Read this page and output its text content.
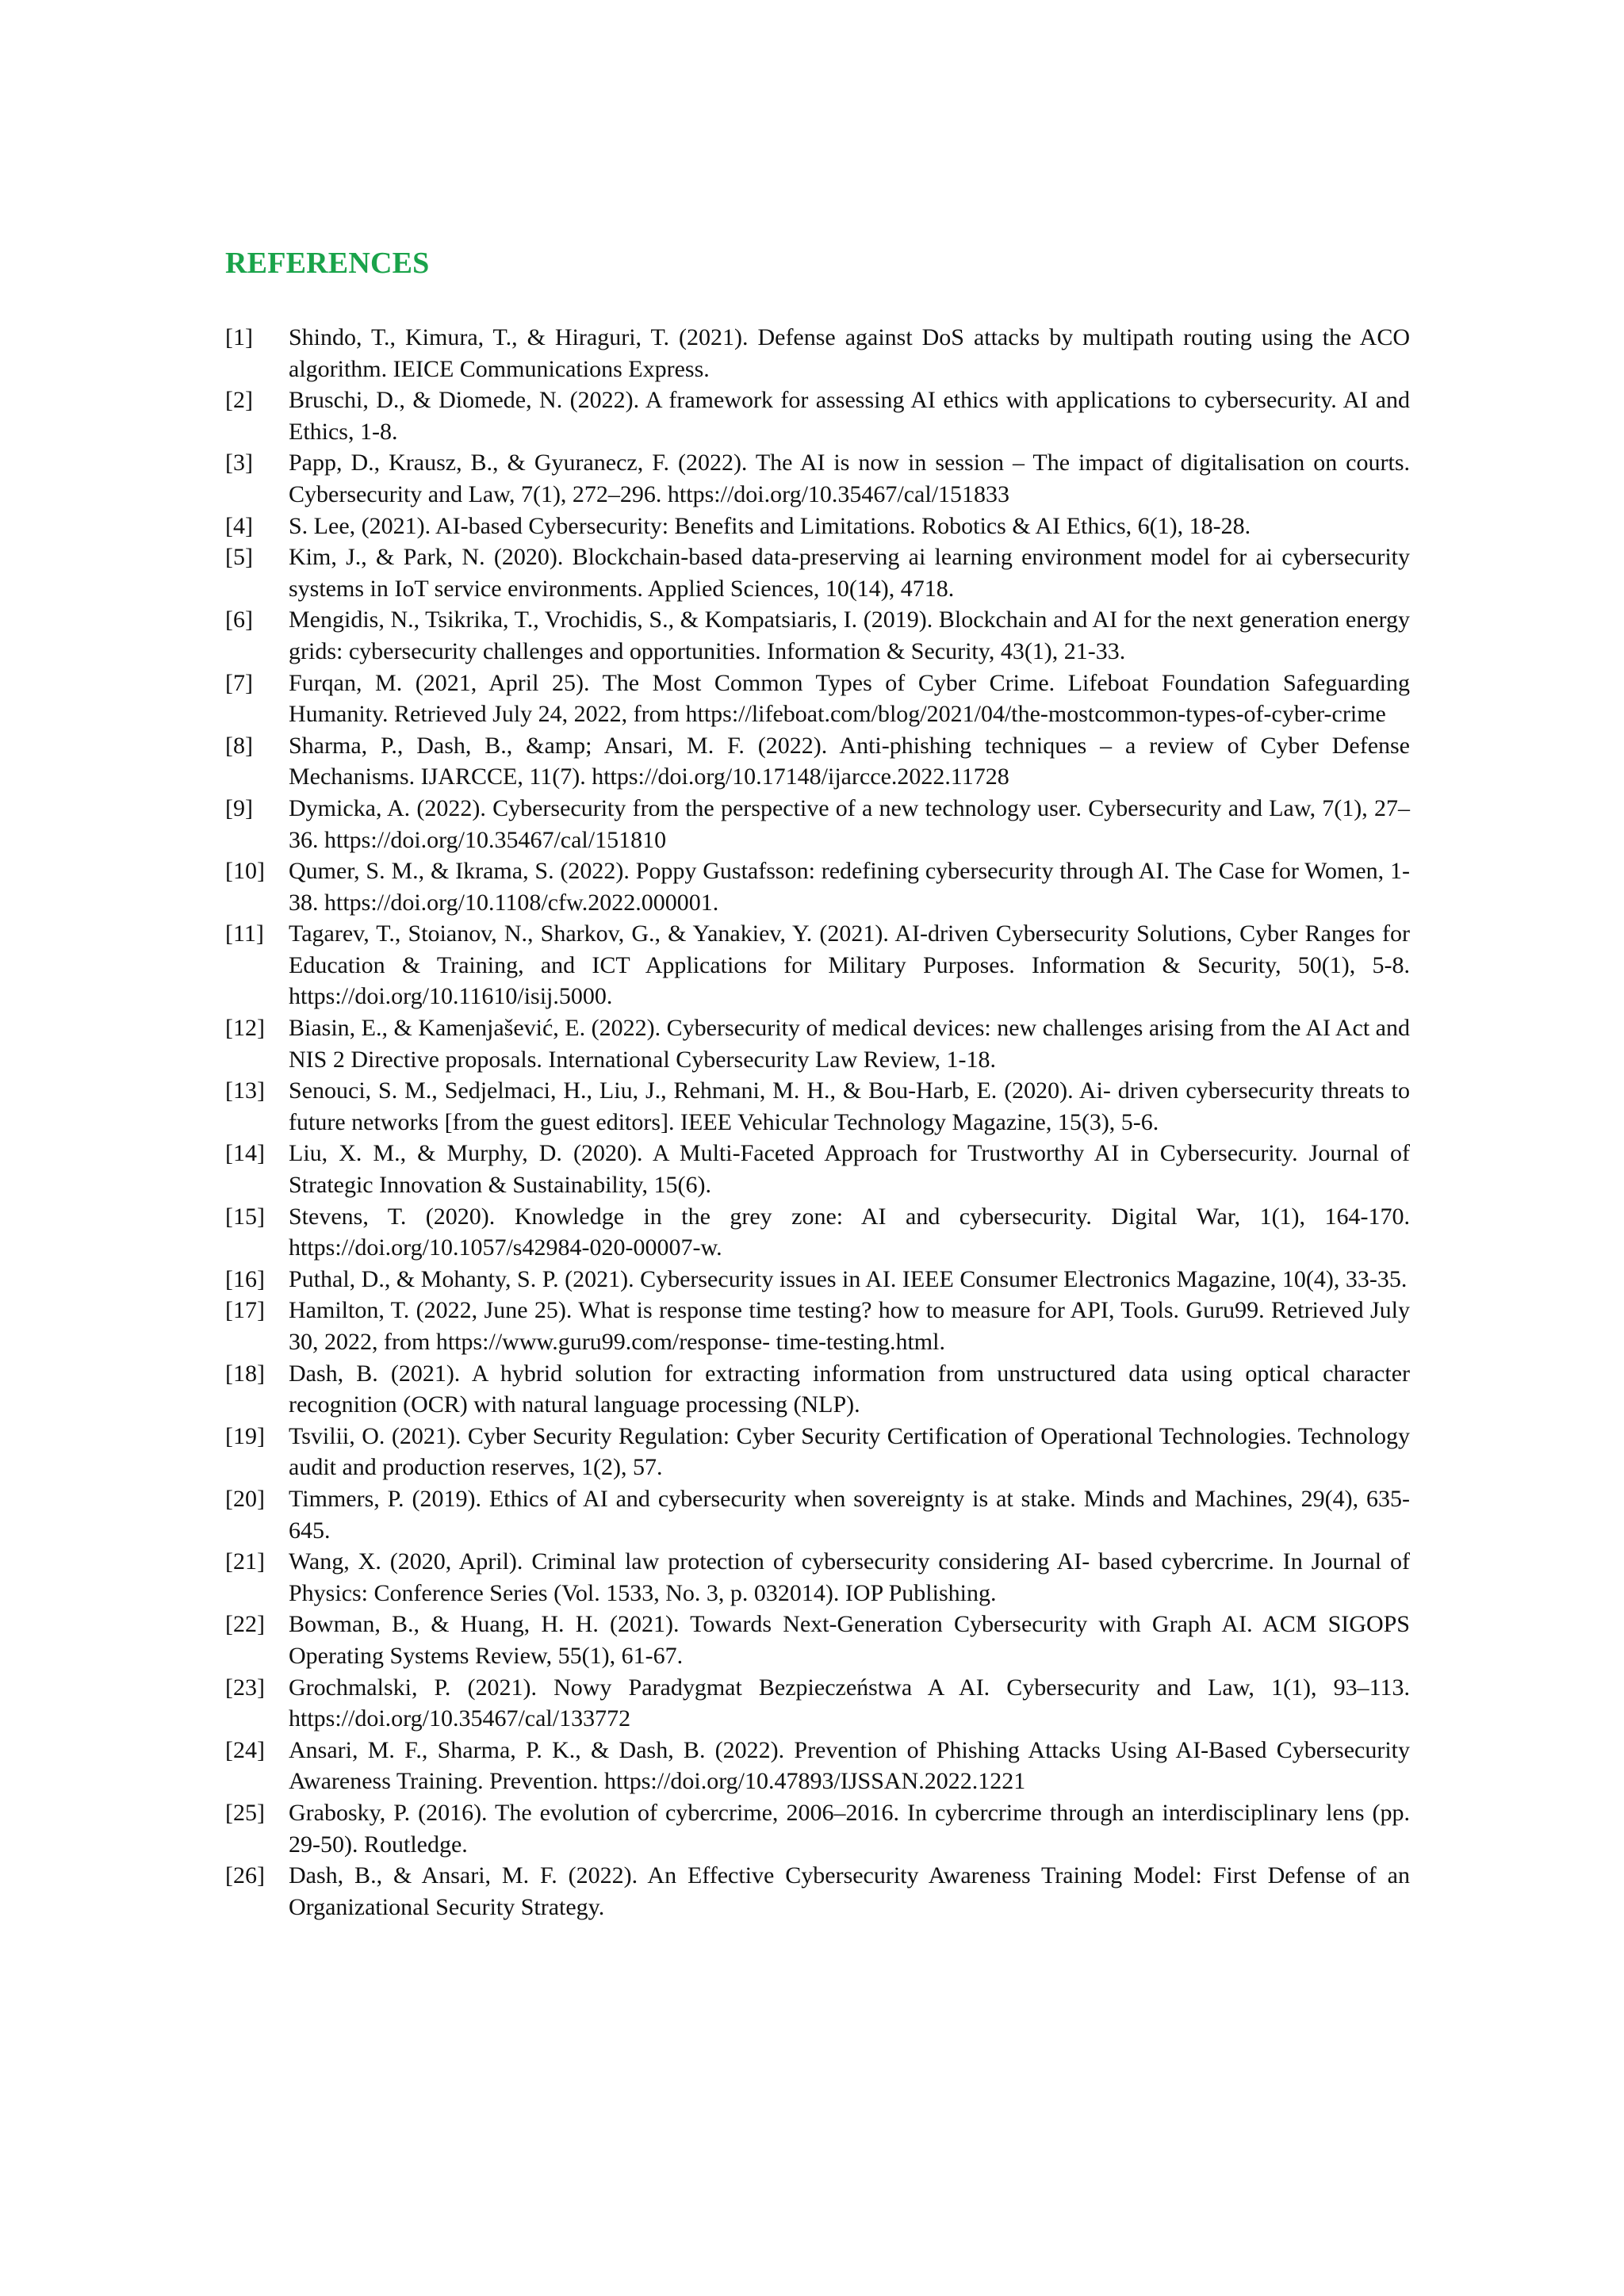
REFERENCES
[1]	Shindo, T., Kimura, T., & Hiraguri, T. (2021). Defense against DoS attacks by multipath routing using the ACO algorithm. IEICE Communications Express.
[2]	Bruschi, D., & Diomede, N. (2022). A framework for assessing AI ethics with applications to cybersecurity. AI and Ethics, 1-8.
[3]	Papp, D., Krausz, B., & Gyuranecz, F. (2022). The AI is now in session – The impact of digitalisation on courts. Cybersecurity and Law, 7(1), 272–296. https://doi.org/10.35467/cal/151833
[4]	S. Lee, (2021). AI-based Cybersecurity: Benefits and Limitations. Robotics & AI Ethics, 6(1), 18-28.
[5]	Kim, J., & Park, N. (2020). Blockchain-based data-preserving ai learning environment model for ai cybersecurity systems in IoT service environments. Applied Sciences, 10(14), 4718.
[6]	Mengidis, N., Tsikrika, T., Vrochidis, S., & Kompatsiaris, I. (2019). Blockchain and AI for the next generation energy grids: cybersecurity challenges and opportunities. Information & Security, 43(1), 21-33.
[7]	Furqan, M. (2021, April 25). The Most Common Types of Cyber Crime. Lifeboat Foundation Safeguarding Humanity. Retrieved July 24, 2022, from https://lifeboat.com/blog/2021/04/the-mostcommon-types-of-cyber-crime
[8]	Sharma, P., Dash, B., &amp; Ansari, M. F. (2022). Anti-phishing techniques – a review of Cyber Defense Mechanisms. IJARCCE, 11(7). https://doi.org/10.17148/ijarcce.2022.11728
[9]	Dymicka, A. (2022). Cybersecurity from the perspective of a new technology user. Cybersecurity and Law, 7(1), 27–36. https://doi.org/10.35467/cal/151810
[10]	Qumer, S. M., & Ikrama, S. (2022). Poppy Gustafsson: redefining cybersecurity through AI. The Case for Women, 1-38. https://doi.org/10.1108/cfw.2022.000001.
[11]	Tagarev, T., Stoianov, N., Sharkov, G., & Yanakiev, Y. (2021). AI-driven Cybersecurity Solutions, Cyber Ranges for Education & Training, and ICT Applications for Military Purposes. Information & Security, 50(1), 5-8. https://doi.org/10.11610/isij.5000.
[12]	Biasin, E., & Kamenjašević, E. (2022). Cybersecurity of medical devices: new challenges arising from the AI Act and NIS 2 Directive proposals. International Cybersecurity Law Review, 1-18.
[13]	Senouci, S. M., Sedjelmaci, H., Liu, J., Rehmani, M. H., & Bou-Harb, E. (2020). Ai- driven cybersecurity threats to future networks [from the guest editors]. IEEE Vehicular Technology Magazine, 15(3), 5-6.
[14]	Liu, X. M., & Murphy, D. (2020). A Multi-Faceted Approach for Trustworthy AI in Cybersecurity. Journal of Strategic Innovation & Sustainability, 15(6).
[15]	Stevens, T. (2020). Knowledge in the grey zone: AI and cybersecurity. Digital War, 1(1), 164-170. https://doi.org/10.1057/s42984-020-00007-w.
[16]	Puthal, D., & Mohanty, S. P. (2021). Cybersecurity issues in AI. IEEE Consumer Electronics Magazine, 10(4), 33-35.
[17]	Hamilton, T. (2022, June 25). What is response time testing? how to measure for API, Tools. Guru99. Retrieved July 30, 2022, from https://www.guru99.com/response- time-testing.html.
[18]	Dash, B. (2021). A hybrid solution for extracting information from unstructured data using optical character recognition (OCR) with natural language processing (NLP).
[19]	Tsvilii, O. (2021). Cyber Security Regulation: Cyber Security Certification of Operational Technologies. Technology audit and production reserves, 1(2), 57.
[20]	Timmers, P. (2019). Ethics of AI and cybersecurity when sovereignty is at stake. Minds and Machines, 29(4), 635-645.
[21]	Wang, X. (2020, April). Criminal law protection of cybersecurity considering AI- based cybercrime. In Journal of Physics: Conference Series (Vol. 1533, No. 3, p. 032014). IOP Publishing.
[22]	Bowman, B., & Huang, H. H. (2021). Towards Next-Generation Cybersecurity with Graph AI. ACM SIGOPS Operating Systems Review, 55(1), 61-67.
[23]	Grochmalski, P. (2021). Nowy Paradygmat Bezpieczeństwa A AI. Cybersecurity and Law, 1(1), 93–113. https://doi.org/10.35467/cal/133772
[24]	Ansari, M. F., Sharma, P. K., & Dash, B. (2022). Prevention of Phishing Attacks Using AI-Based Cybersecurity Awareness Training. Prevention. https://doi.org/10.47893/IJSSAN.2022.1221
[25]	Grabosky, P. (2016). The evolution of cybercrime, 2006–2016. In cybercrime through an interdisciplinary lens (pp. 29-50). Routledge.
[26]	Dash, B., & Ansari, M. F. (2022). An Effective Cybersecurity Awareness Training Model: First Defense of an Organizational Security Strategy.
